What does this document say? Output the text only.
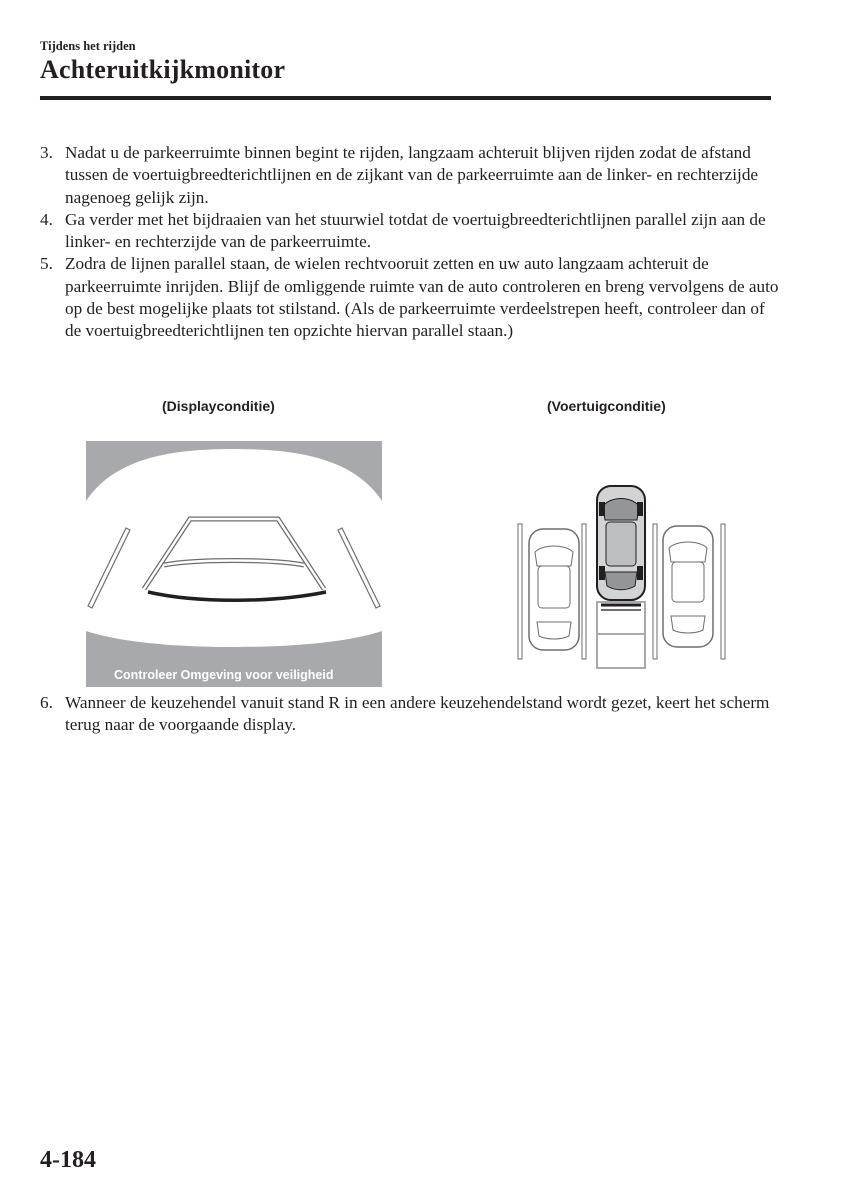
Tijdens het rijden
Achteruitkijkmonitor
3. Nadat u de parkeerruimte binnen begint te rijden, langzaam achteruit blijven rijden zodat de afstand tussen de voertuigbreedterichtlijnen en de zijkant van de parkeerruimte aan de linker- en rechterzijde nagenoeg gelijk zijn.
4. Ga verder met het bijdraaien van het stuurwiel totdat de voertuigbreedterichtlijnen parallel zijn aan de linker- en rechterzijde van de parkeerruimte.
5. Zodra de lijnen parallel staan, de wielen rechtvooruit zetten en uw auto langzaam achteruit de parkeerruimte inrijden. Blijf de omliggende ruimte van de auto controleren en breng vervolgens de auto op de best mogelijke plaats tot stilstand. (Als de parkeerruimte verdeelstrepen heeft, controleer dan of de voertuigbreedterichtlijnen ten opzichte hiervan parallel staan.)
(Displayconditie)	(Voertuigconditie)
Controleer Omgeving voor veiligheid
6. Wanneer de keuzehendel vanuit stand R in een andere keuzehendelstand wordt gezet, keert het scherm terug naar de voorgaande display.
4-184
